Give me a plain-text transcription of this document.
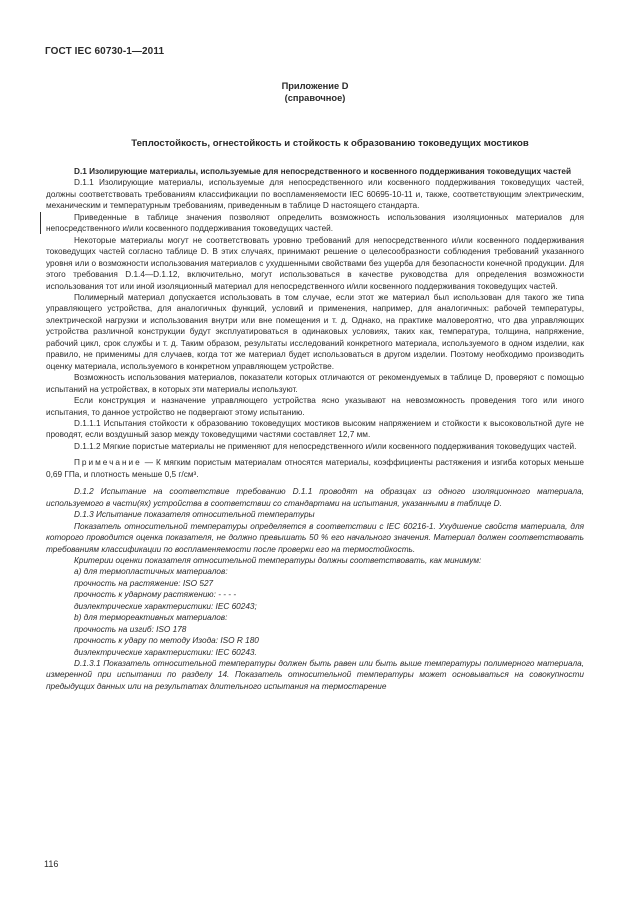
ГОСТ IEC 60730-1—2011
Приложение D
(справочное)
Теплостойкость, огнестойкость и стойкость к образованию токоведущих мостиков

D.1 Изолирующие материалы, используемые для непосредственного и косвенного поддерживания токоведущих частей

D.1.1 Изолирующие материалы, используемые для непосредственного или косвенного поддерживания токоведущих частей, должны соответствовать требованиям классификации по воспламеняемости IEC 60695-10-11 и, также, соответствующим электрическим, механическим и температурным требованиям, приведенным в таблице D настоящего стандарта.

Приведенные в таблице значения позволяют определить возможность использования изоляционных материалов для непосредственного и/или косвенного поддерживания токоведущих частей.

Некоторые материалы могут не соответствовать уровню требований для непосредственного и/или косвенного поддерживания токоведущих частей согласно таблице D. В этих случаях, принимают решение о целесообразности соблюдения требований указанного уровня или о возможности использования материалов с ухудшенными свойствами без ущерба для безопасности конечной продукции. Для этого требования D.1.4—D.1.12, включительно, могут использоваться в качестве руководства для определения возможности использования тот или иной изоляционный материал для непосредственного и/или косвенного поддерживания токоведущих частей.

Полимерный материал допускается использовать в том случае, если этот же материал был использован для такого же типа управляющего устройства, для аналогичных функций, условий и применения, например, для аналогичных: рабочей температуры, электрической нагрузки и использования внутри или вне помещения и т. д. Однако, на практике маловероятно, что два управляющих устройства различной конструкции будут эксплуатироваться в одинаковых условиях, таких как, температура, толщина, напряжение, рабочий цикл, срок службы и т. д. Таким образом, результаты исследований конкретного материала, используемого в одном изделии, как правило, не применимы для случаев, когда тот же материал будет использоваться в другом изделии. Поэтому необходимо производить оценку материала, используемого в конкретном управляющем устройстве.

Возможность использования материалов, показатели которых отличаются от рекомендуемых в таблице D, проверяют с помощью испытаний на устройствах, в которых эти материалы используют.

Если конструкция и назначение управляющего устройства ясно указывают на невозможность проведения того или иного испытания, то данное устройство не подвергают этому испытанию.

D.1.1.1 Испытания стойкости к образованию токоведущих мостиков высоким напряжением и стойкости к высоковольтной дуге не проводят, если воздушный зазор между токоведущими частями составляет 12,7 мм.

D.1.1.2 Мягкие пористые материалы не применяют для непосредственного и/или косвенного поддерживания токоведущих частей.

Примечание — К мягким пористым материалам относятся материалы, коэффициенты растяжения и изгиба которых меньше 0,69 ГПа, и плотность меньше 0,5 г/см³.

D.1.2 Испытание на соответствие требованию D.1.1 проводят на образцах из одного изоляционного материала, используемого в части(ях) устройства в соответствии со стандартами на испытания, указанными в таблице D.

D.1.3 Испытание показателя относительной температуры

Показатель относительной температуры определяется в соответствии с IEC 60216-1. Ухудшение свойств материала, для которого проводится оценка показателя, не должно превышать 50 % его начального значения. Материал должен соответствовать требованиям классификации по воспламеняемости после проверки его на термостойкость.

Критерии оценки показателя относительной температуры должны соответствовать, как минимум:

a) для термопластичных материалов:

прочность на растяжение: ISO 527

прочность к ударному растяжению: - - - -

диэлектрические характеристики: IEC 60243;

b) для термореактивных материалов:

прочность на изгиб: ISO 178

прочность к удару по методу Изода: ISO R 180

диэлектрические характеристики: IEC 60243.

D.1.3.1 Показатель относительной температуры должен быть равен или быть выше температуры полимерного материала, измеренной при испытании по разделу 14. Показатель относительной температуры может основываться на совокупности предыдущих данных или на результатах длительного испытания на термостарение

116
